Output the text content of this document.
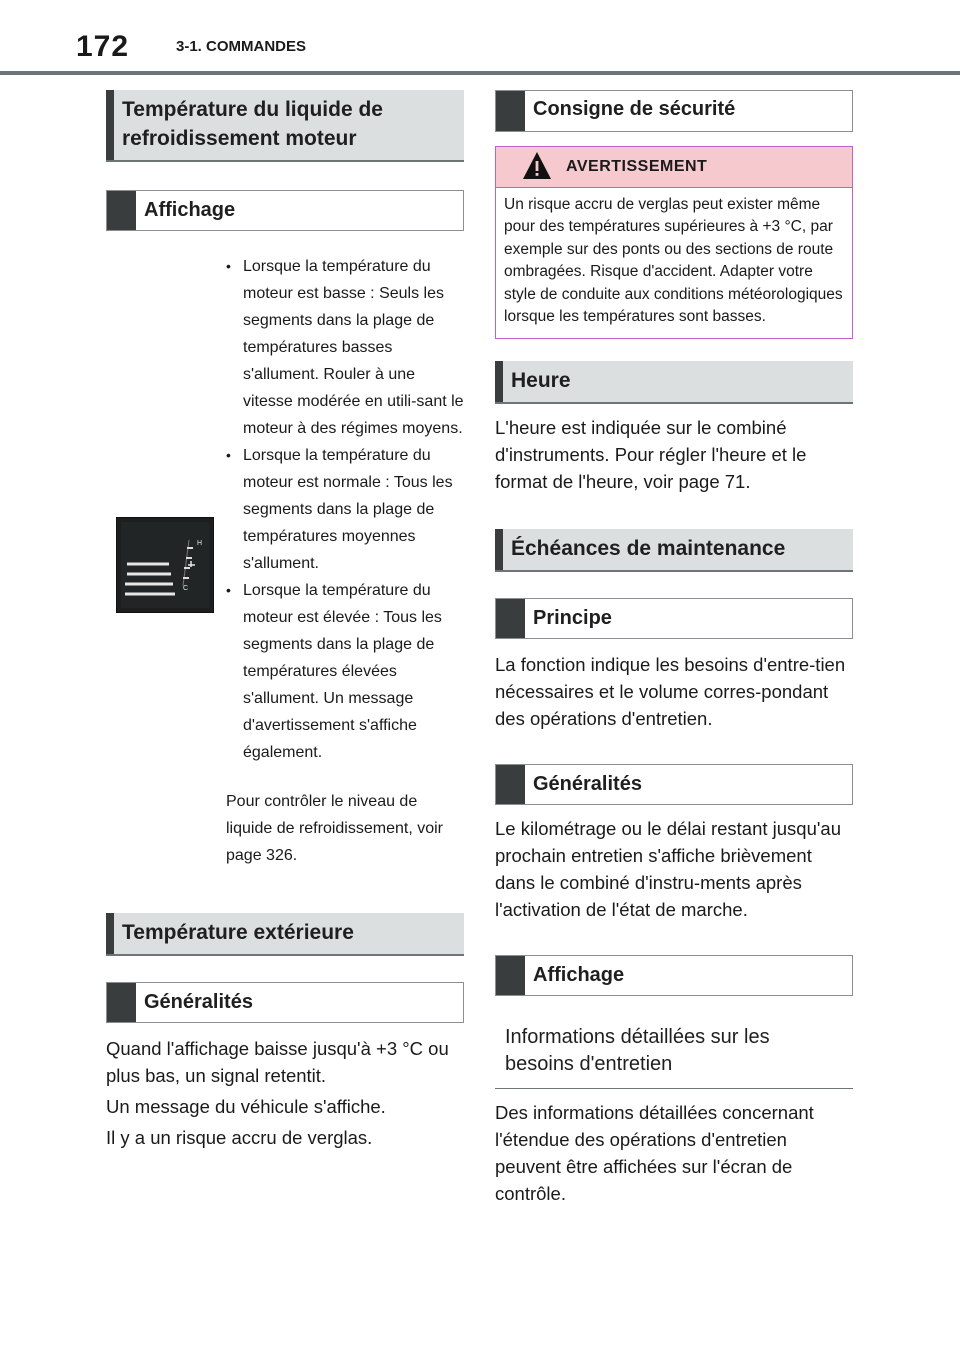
172	3-1. COMMANDES
Température du liquide de refroidissement moteur
Affichage
H
C
• Lorsque la température du moteur est basse : Seuls les segments dans la plage de températures basses s'allument. Rouler à une vitesse modérée en utili-sant le moteur à des régimes moyens.
• Lorsque la température du moteur est normale : Tous les segments dans la plage de températures moyennes s'allument.
• Lorsque la température du moteur est élevée : Tous les segments dans la plage de températures élevées s'allument. Un message d'avertissement s'affiche également.

Pour contrôler le niveau de liquide de refroidissement, voir page 326.

Température extérieure
Généralités

Quand l'affichage baisse jusqu'à +3 °C ou plus bas, un signal retentit.

Un message du véhicule s'affiche.

Il y a un risque accru de verglas.

Consigne de sécurité
AVERTISSEMENT
Un risque accru de verglas peut exister même pour des températures supérieures à +3 °C, par exemple sur des ponts ou des sections de route ombragées. Risque d'accident. Adapter votre style de conduite aux conditions météorologiques lorsque les températures sont basses.
Heure

L'heure est indiquée sur le combiné d'instruments. Pour régler l'heure et le format de l'heure, voir page 71.

Échéances de maintenance
Principe

La fonction indique les besoins d'entre-tien nécessaires et le volume corres-pondant des opérations d'entretien.

Généralités

Le kilométrage ou le délai restant jusqu'au prochain entretien s'affiche brièvement dans le combiné d'instru-ments après l'activation de l'état de marche.

Affichage
Informations détaillées sur les besoins d'entretien

Des informations détaillées concernant l'étendue des opérations d'entretien peuvent être affichées sur l'écran de contrôle.
